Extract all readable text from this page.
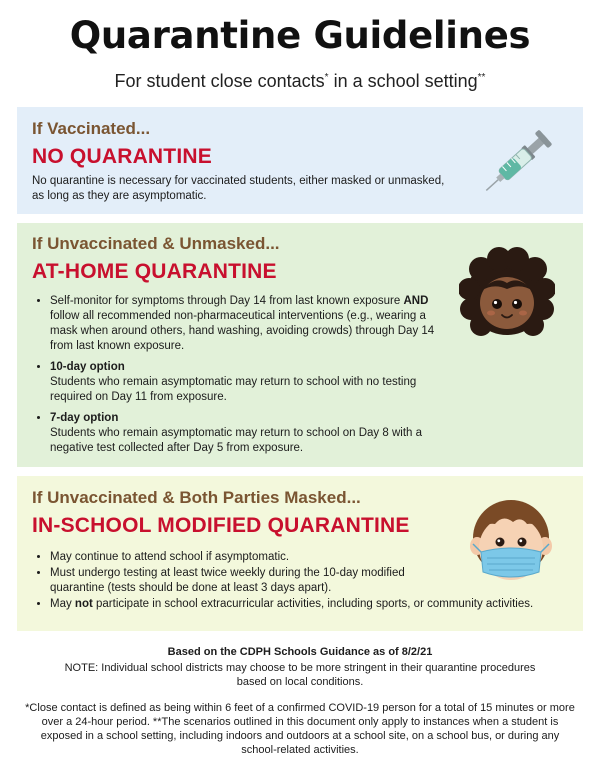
Quarantine Guidelines
For student close contacts* in a school setting**
If Vaccinated...
NO QUARANTINE
No quarantine is necessary for vaccinated students, either masked or unmasked, as long as they are asymptomatic.
If Unvaccinated & Unmasked...
AT-HOME QUARANTINE
• Self-monitor for symptoms through Day 14 from last known exposure AND follow all recommended non-pharmaceutical interventions (e.g., wearing a mask when around others, hand washing, avoiding crowds) through Day 14 from last known exposure.
• 10-day option
Students who remain asymptomatic may return to school with no testing required on Day 11 from exposure.
• 7-day option
Students who remain asymptomatic may return to school on Day 8 with a negative test collected after Day 5 from exposure.
If Unvaccinated & Both Parties Masked...
IN-SCHOOL MODIFIED QUARANTINE
• May continue to attend school if asymptomatic.
• Must undergo testing at least twice weekly during the 10-day modified quarantine (tests should be done at least 3 days apart).
• May not participate in school extracurricular activities, including sports, or community activities.
Based on the CDPH Schools Guidance as of 8/2/21
NOTE: Individual school districts may choose to be more stringent in their quarantine procedures based on local conditions.
*Close contact is defined as being within 6 feet of a confirmed COVID-19 person for a total of 15 minutes or more over a 24-hour period. **The scenarios outlined in this document only apply to instances when a student is exposed in a school setting, including indoors and outdoors at a school site, on a school bus, or during any school-related activities.
